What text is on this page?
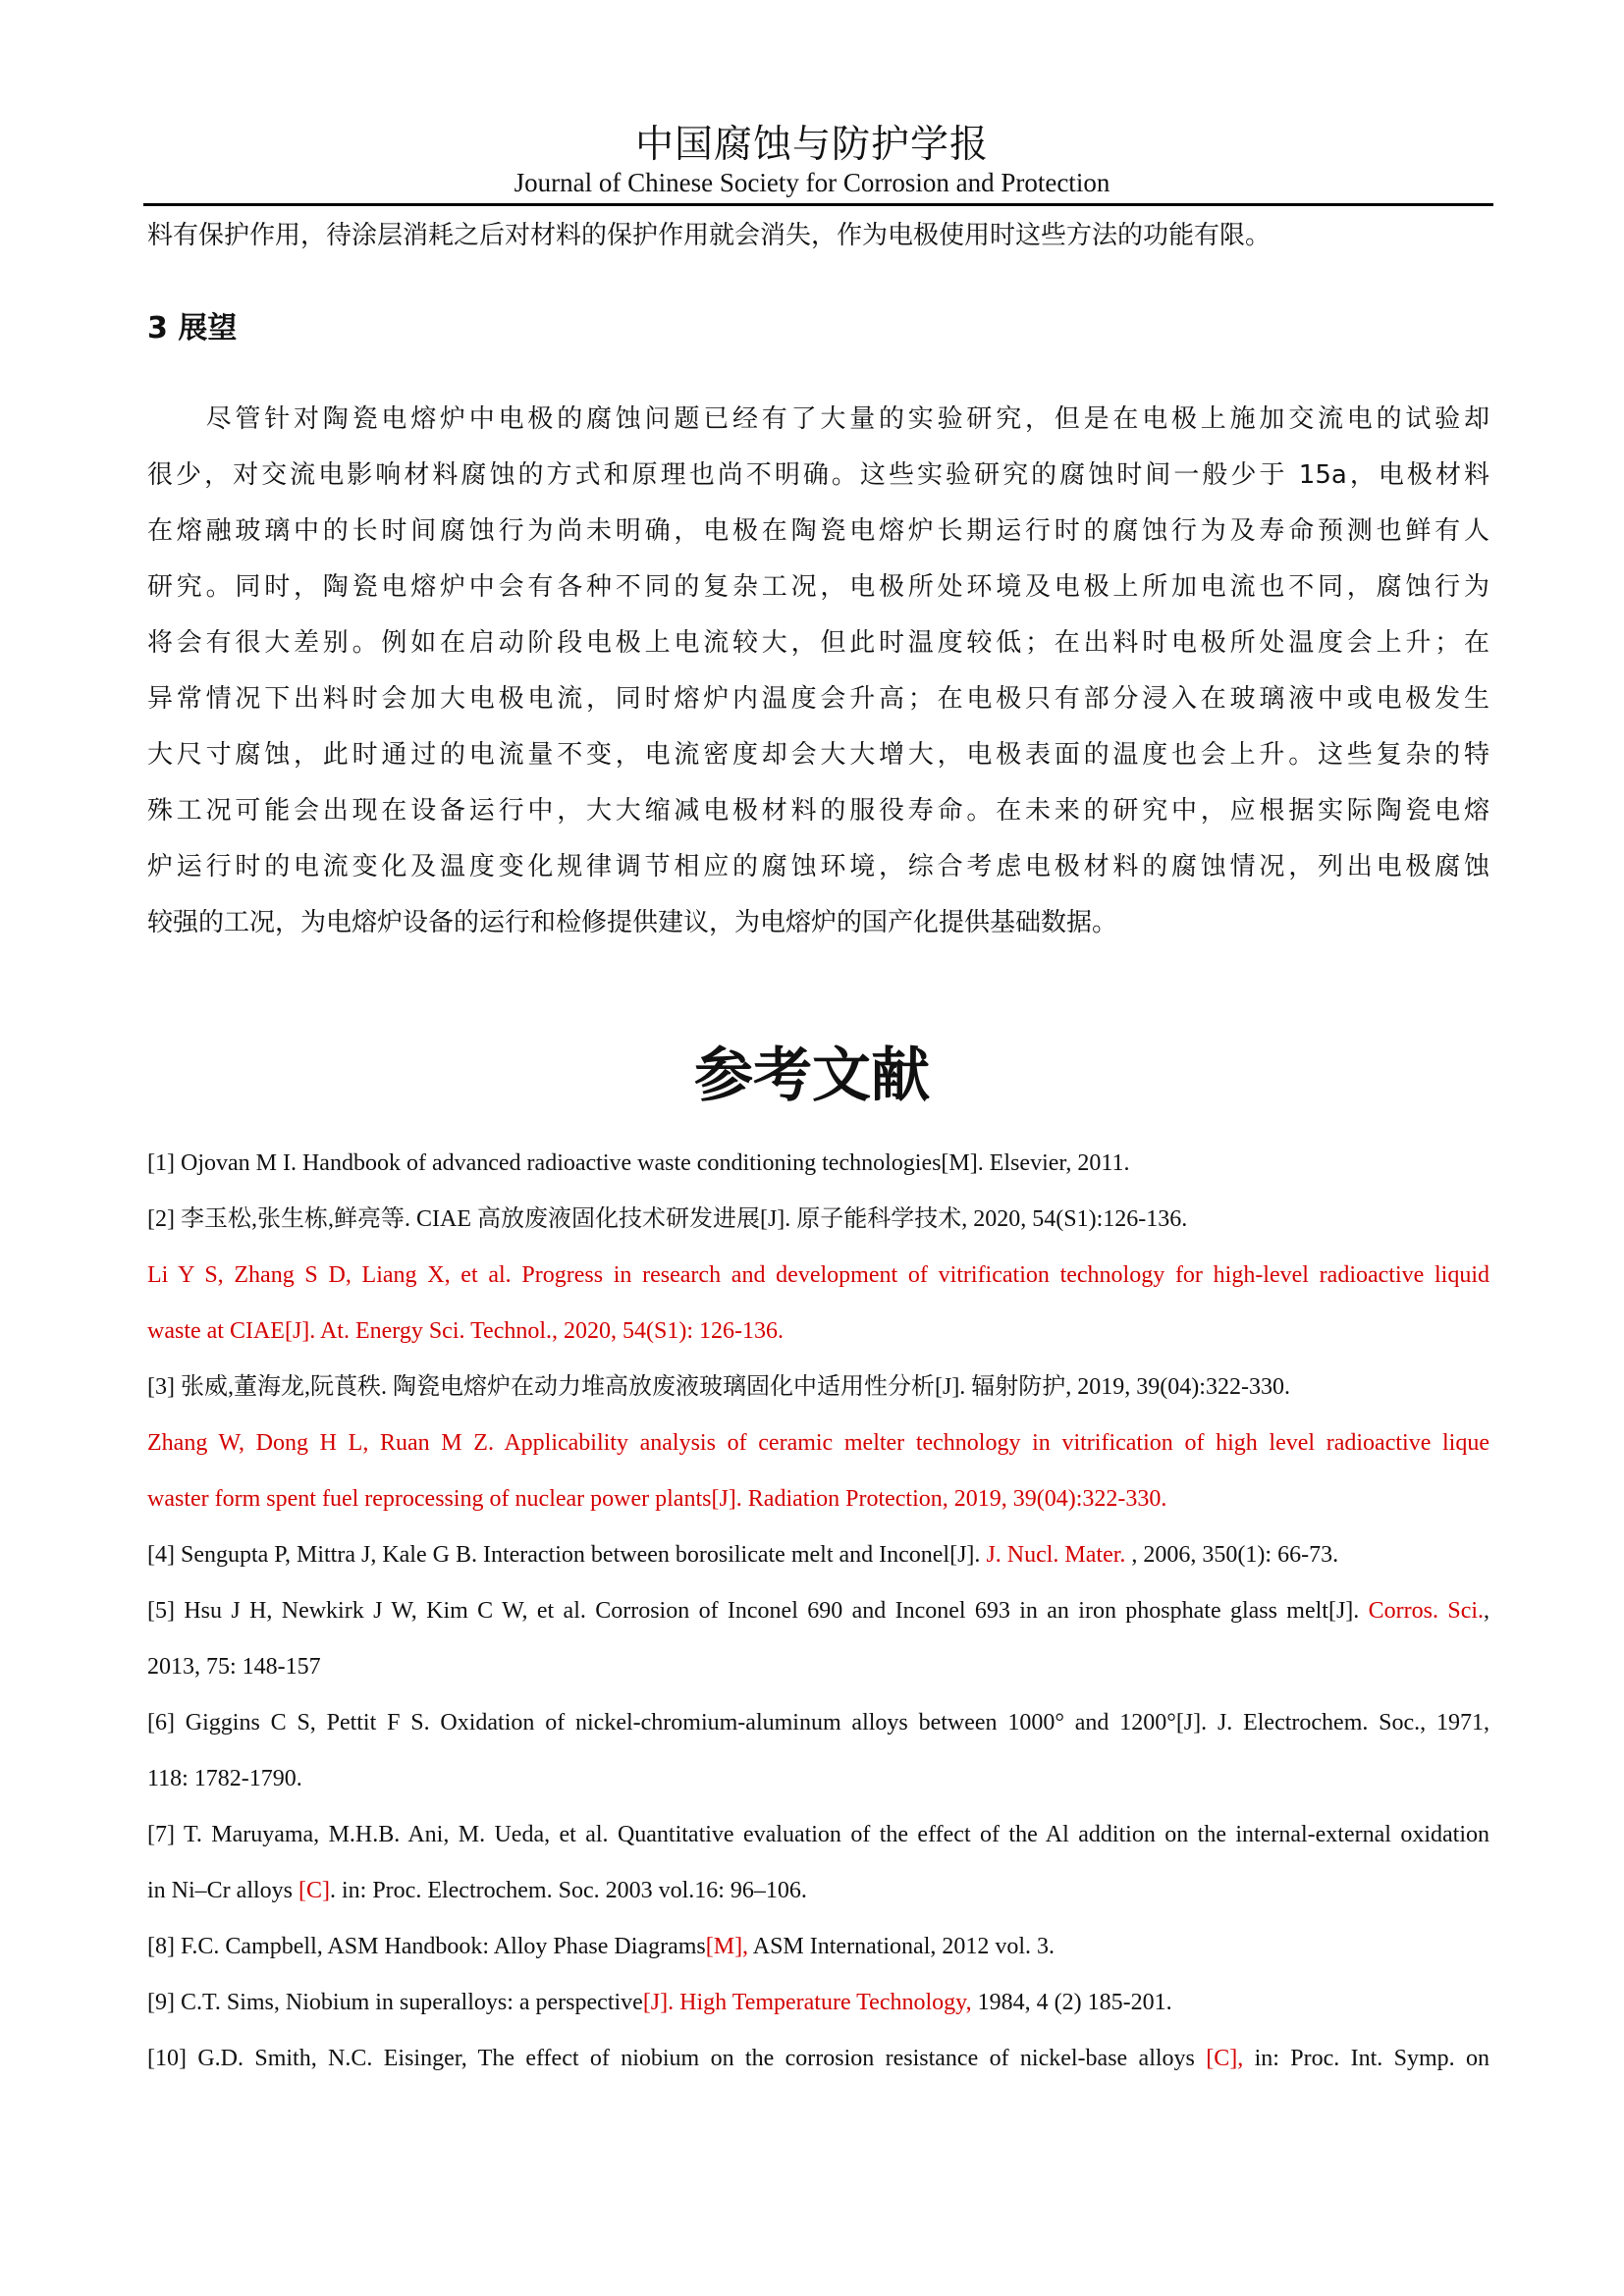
中国腐蚀与防护学报
Journal of Chinese Society for Corrosion and Protection
料有保护作用，待涂层消耗之后对材料的保护作用就会消失，作为电极使用时这些方法的功能有限。
3 展望
　　尽管针对陶瓷电熔炉中电极的腐蚀问题已经有了大量的实验研究，但是在电极上施加交流电的试验却
很少，对交流电影响材料腐蚀的方式和原理也尚不明确。这些实验研究的腐蚀时间一般少于 15a，电极材料
在熔融玻璃中的长时间腐蚀行为尚未明确，电极在陶瓷电熔炉长期运行时的腐蚀行为及寿命预测也鲜有人
研究。同时，陶瓷电熔炉中会有各种不同的复杂工况，电极所处环境及电极上所加电流也不同，腐蚀行为
将会有很大差别。例如在启动阶段电极上电流较大，但此时温度较低；在出料时电极所处温度会上升；在
异常情况下出料时会加大电极电流，同时熔炉内温度会升高；在电极只有部分浸入在玻璃液中或电极发生
大尺寸腐蚀，此时通过的电流量不变，电流密度却会大大增大，电极表面的温度也会上升。这些复杂的特
殊工况可能会出现在设备运行中，大大缩减电极材料的服役寿命。在未来的研究中，应根据实际陶瓷电熔
炉运行时的电流变化及温度变化规律调节相应的腐蚀环境，综合考虑电极材料的腐蚀情况，列出电极腐蚀
较强的工况，为电熔炉设备的运行和检修提供建议，为电熔炉的国产化提供基础数据。
参考文献
[1] Ojovan M I. Handbook of advanced radioactive waste conditioning technologies[M]. Elsevier, 2011.
[2] 李玉松,张生栋,鲜亮等. CIAE 高放废液固化技术研发进展[J]. 原子能科学技术, 2020, 54(S1):126-136.
Li Y S, Zhang S D, Liang X, et al. Progress in research and development of vitrification technology for high-level radioactive liquid
waste at CIAE[J]. At. Energy Sci. Technol., 2020, 54(S1): 126-136.
[3] 张威,董海龙,阮莨秩. 陶瓷电熔炉在动力堆高放废液玻璃固化中适用性分析[J]. 辐射防护, 2019, 39(04):322-330.
Zhang W, Dong H L, Ruan M Z. Applicability analysis of ceramic melter technology in vitrification of high level radioactive lique
waster form spent fuel reprocessing of nuclear power plants[J]. Radiation Protection, 2019, 39(04):322-330.
[4] Sengupta P, Mittra J, Kale G B. Interaction between borosilicate melt and Inconel[J]. J. Nucl. Mater. , 2006, 350(1): 66-73.
[5] Hsu J H, Newkirk J W, Kim C W, et al. Corrosion of Inconel 690 and Inconel 693 in an iron phosphate glass melt[J]. Corros. Sci.,
2013, 75: 148-157
[6] Giggins C S, Pettit F S. Oxidation of nickel-chromium-aluminum alloys between 1000° and 1200°[J]. J. Electrochem. Soc., 1971,
118: 1782-1790.
[7] T. Maruyama, M.H.B. Ani, M. Ueda, et al. Quantitative evaluation of the effect of the Al addition on the internal-external oxidation
in Ni–Cr alloys [C]. in: Proc. Electrochem. Soc. 2003 vol.16: 96–106.
[8] F.C. Campbell, ASM Handbook: Alloy Phase Diagrams[M], ASM International, 2012 vol. 3.
[9] C.T. Sims, Niobium in superalloys: a perspective[J]. High Temperature Technology, 1984, 4 (2) 185-201.
[10] G.D. Smith, N.C. Eisinger, The effect of niobium on the corrosion resistance of nickel-base alloys [C], in: Proc. Int. Symp. on
